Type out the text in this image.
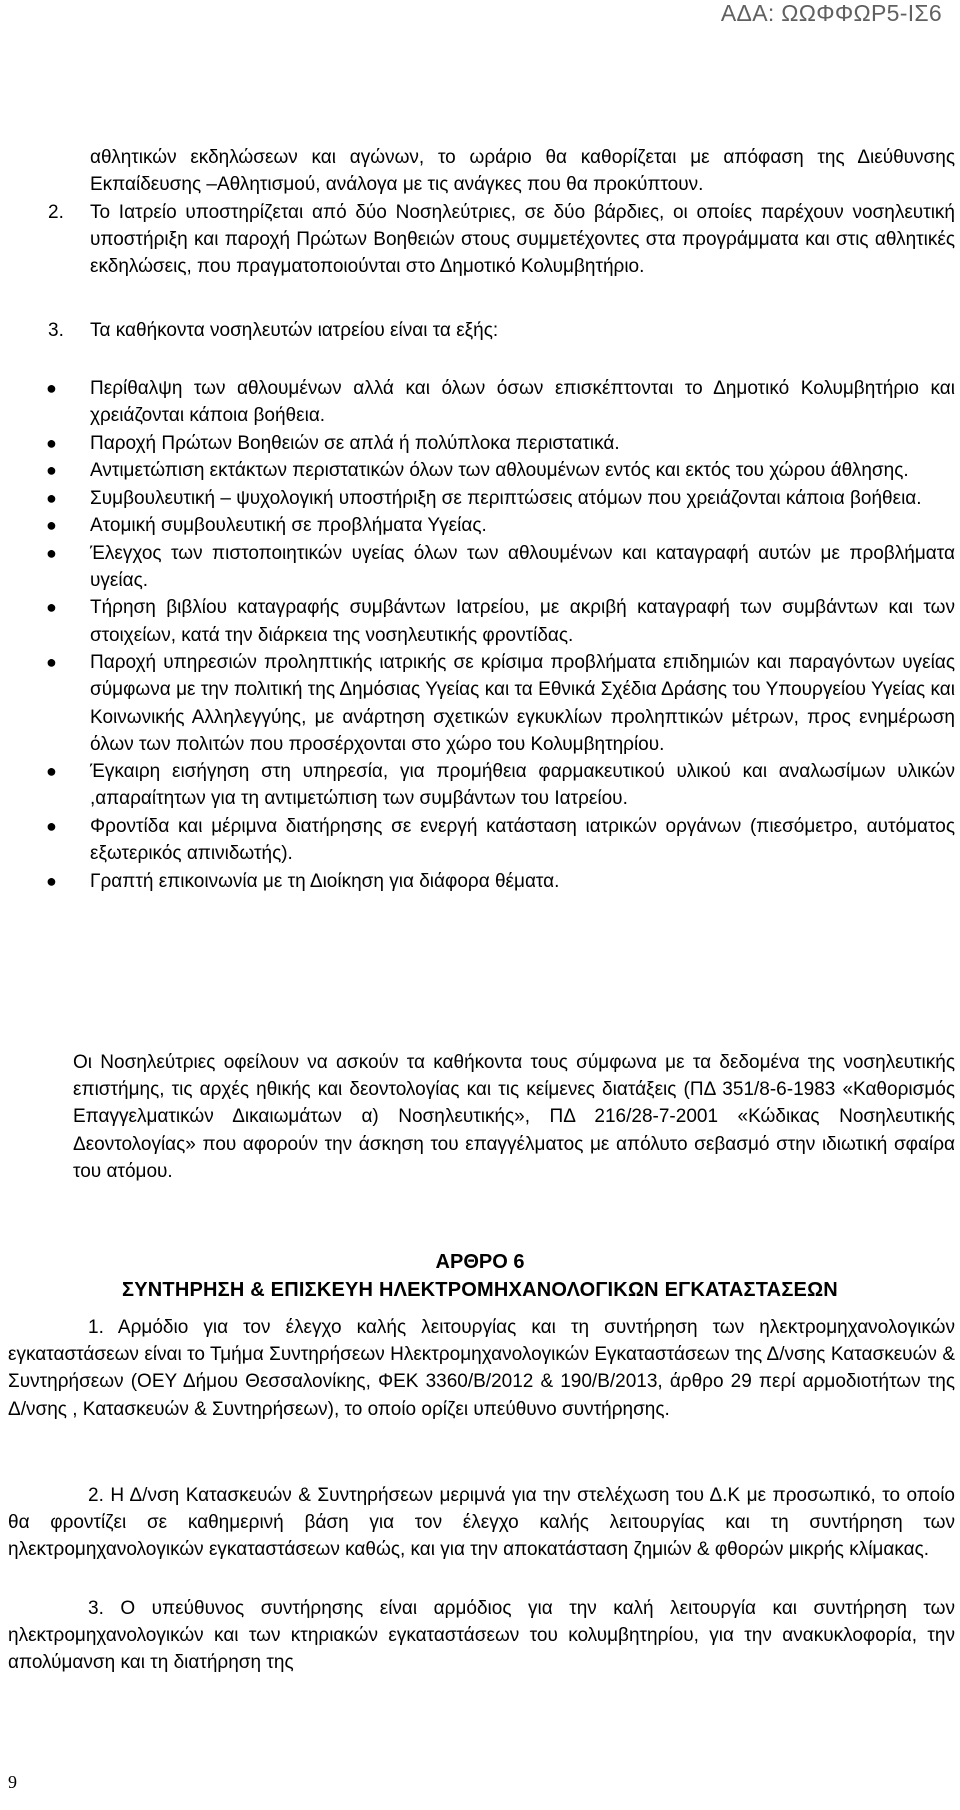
ΑΔΑ: ΩΩΦΦΩΡ5-ΙΣ6
αθλητικών εκδηλώσεων και αγώνων, το ωράριο θα καθορίζεται με απόφαση της Διεύθυνσης Εκπαίδευσης –Αθλητισμού, ανάλογα με τις ανάγκες που θα προκύπτουν.
2. Το Ιατρείο υποστηρίζεται από δύο Νοσηλεύτριες, σε δύο βάρδιες, οι οποίες παρέχουν νοσηλευτική υποστήριξη και παροχή Πρώτων Βοηθειών στους συμμετέχοντες στα προγράμματα και στις αθλητικές εκδηλώσεις, που πραγματοποιούνται στο Δημοτικό Κολυμβητήριο.
3. Τα καθήκοντα νοσηλευτών ιατρείου είναι τα εξής:
● Περίθαλψη των αθλουμένων αλλά και όλων όσων επισκέπτονται το Δημοτικό Κολυμβητήριο και χρειάζονται κάποια βοήθεια.
● Παροχή Πρώτων Βοηθειών σε απλά ή πολύπλοκα περιστατικά.
● Αντιμετώπιση εκτάκτων περιστατικών όλων των αθλουμένων εντός και εκτός του χώρου άθλησης.
● Συμβουλευτική – ψυχολογική υποστήριξη σε περιπτώσεις ατόμων που χρειάζονται κάποια βοήθεια.
● Ατομική συμβουλευτική σε προβλήματα Υγείας.
● Έλεγχος των πιστοποιητικών υγείας όλων των αθλουμένων και καταγραφή αυτών με προβλήματα υγείας.
● Τήρηση βιβλίου καταγραφής συμβάντων Ιατρείου, με ακριβή καταγραφή των συμβάντων και των στοιχείων, κατά την διάρκεια της νοσηλευτικής φροντίδας.
● Παροχή υπηρεσιών προληπτικής ιατρικής σε κρίσιμα προβλήματα επιδημιών και παραγόντων υγείας σύμφωνα με την πολιτική της Δημόσιας Υγείας και τα Εθνικά Σχέδια Δράσης του Υπουργείου Υγείας και Κοινωνικής Αλληλεγγύης, με ανάρτηση σχετικών εγκυκλίων προληπτικών μέτρων, προς ενημέρωση όλων των πολιτών που προσέρχονται στο χώρο του Κολυμβητηρίου.
● Έγκαιρη εισήγηση στη υπηρεσία, για προμήθεια φαρμακευτικού υλικού και αναλωσίμων υλικών ,απαραίτητων για τη αντιμετώπιση των συμβάντων του Ιατρείου.
● Φροντίδα και μέριμνα διατήρησης σε ενεργή κατάσταση ιατρικών οργάνων (πιεσόμετρο, αυτόματος εξωτερικός απινιδωτής).
● Γραπτή επικοινωνία με τη Διοίκηση για διάφορα θέματα.
Οι Νοσηλεύτριες οφείλουν να ασκούν τα καθήκοντα τους σύμφωνα με τα δεδομένα της νοσηλευτικής επιστήμης, τις αρχές ηθικής και δεοντολογίας και τις κείμενες διατάξεις (ΠΔ 351/8-6-1983 «Καθορισμός Επαγγελματικών Δικαιωμάτων α) Νοσηλευτικής», ΠΔ 216/28-7-2001 «Κώδικας Νοσηλευτικής Δεοντολογίας» που αφορούν την άσκηση του επαγγέλματος με απόλυτο σεβασμό στην ιδιωτική σφαίρα του ατόμου.
ΑΡΘΡΟ 6
ΣΥΝΤΗΡΗΣΗ & ΕΠΙΣΚΕΥΗ ΗΛΕΚΤΡΟΜΗΧΑΝΟΛΟΓΙΚΩΝ ΕΓΚΑΤΑΣΤΑΣΕΩΝ
1. Αρμόδιο για τον έλεγχο καλής λειτουργίας και τη συντήρηση των ηλεκτρομηχανολογικών εγκαταστάσεων είναι το Τμήμα Συντηρήσεων Ηλεκτρομηχανολογικών Εγκαταστάσεων της Δ/νσης Κατασκευών & Συντηρήσεων (ΟΕΥ Δήμου Θεσσαλονίκης, ΦΕΚ 3360/Β/2012 & 190/Β/2013, άρθρο 29 περί αρμοδιοτήτων της Δ/νσης , Κατασκευών & Συντηρήσεων), το οποίο ορίζει υπεύθυνο συντήρησης.
2. Η Δ/νση Κατασκευών & Συντηρήσεων μεριμνά για την στελέχωση του Δ.Κ με προσωπικό, το οποίο θα φροντίζει σε καθημερινή βάση για τον έλεγχο καλής λειτουργίας και τη συντήρηση των ηλεκτρομηχανολογικών εγκαταστάσεων καθώς, και για την αποκατάσταση ζημιών & φθορών μικρής κλίμακας.
3. Ο υπεύθυνος συντήρησης είναι αρμόδιος για την καλή λειτουργία και συντήρηση των ηλεκτρομηχανολογικών και των κτηριακών εγκαταστάσεων του κολυμβητηρίου, για την ανακυκλοφορία, την απολύμανση και τη διατήρηση της
9
